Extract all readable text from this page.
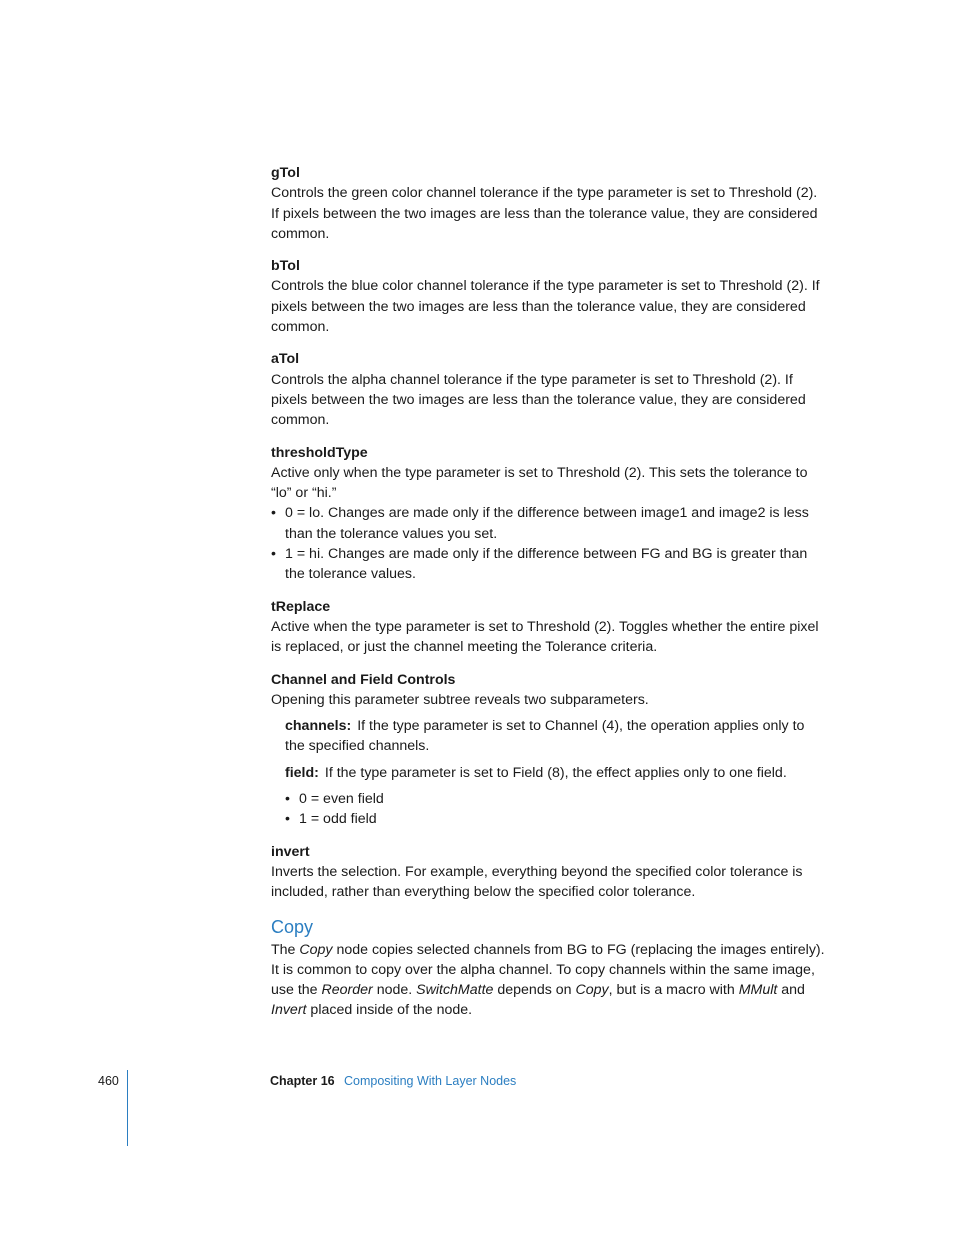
gTol

Controls the green color channel tolerance if the type parameter is set to Threshold (2). If pixels between the two images are less than the tolerance value, they are considered common.

bTol

Controls the blue color channel tolerance if the type parameter is set to Threshold (2). If pixels between the two images are less than the tolerance value, they are considered common.

aTol

Controls the alpha channel tolerance if the type parameter is set to Threshold (2). If pixels between the two images are less than the tolerance value, they are considered common.

thresholdType

Active only when the type parameter is set to Threshold (2). This sets the tolerance to “lo” or “hi.”

• 0 = lo. Changes are made only if the difference between image1 and image2 is less than the tolerance values you set.
• 1 = hi. Changes are made only if the difference between FG and BG is greater than the tolerance values.

tReplace

Active when the type parameter is set to Threshold (2). Toggles whether the entire pixel is replaced, or just the channel meeting the Tolerance criteria.

Channel and Field Controls

Opening this parameter subtree reveals two subparameters.

channels: If the type parameter is set to Channel (4), the operation applies only to the specified channels.

field: If the type parameter is set to Field (8), the effect applies only to one field.

• 0 = even field
• 1 = odd field

invert

Inverts the selection. For example, everything beyond the specified color tolerance is included, rather than everything below the specified color tolerance.

Copy

The Copy node copies selected channels from BG to FG (replacing the images entirely). It is common to copy over the alpha channel. To copy channels within the same image, use the Reorder node. SwitchMatte depends on Copy, but is a macro with MMult and Invert placed inside of the node.

460	Chapter 16 Compositing With Layer Nodes
